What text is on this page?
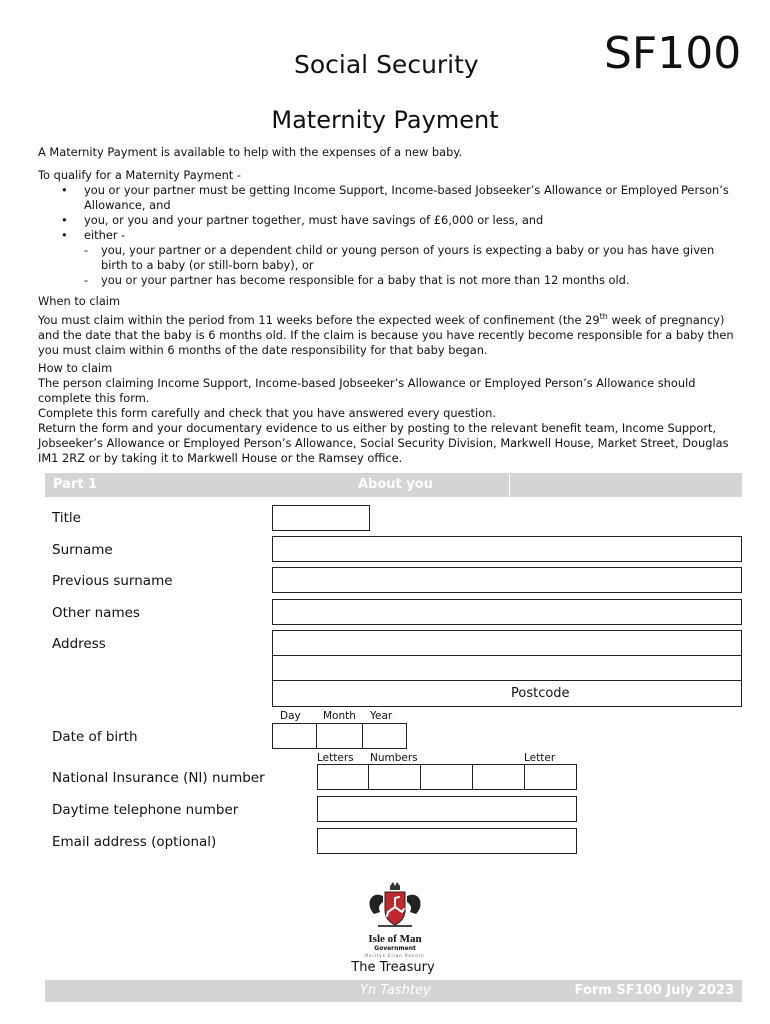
Social Security	SF100
Maternity Payment
A Maternity Payment is available to help with the expenses of a new baby.
To qualify for a Maternity Payment -
• you or your partner must be getting Income Support, Income-based Jobseeker’s Allowance or Employed Person’s Allowance, and
• you, or you and your partner together, must have savings of £6,000 or less, and
• either -
- you, your partner or a dependent child or young person of yours is expecting a baby or you has have given birth to a baby (or still-born baby), or
- you or your partner has become responsible for a baby that is not more than 12 months old.
When to claim
You must claim within the period from 11 weeks before the expected week of confinement (the 29th week of pregnancy) and the date that the baby is 6 months old. If the claim is because you have recently become responsible for a baby then you must claim within 6 months of the date responsibility for that baby began.
How to claim
The person claiming Income Support, Income-based Jobseeker’s Allowance or Employed Person’s Allowance should complete this form.
Complete this form carefully and check that you have answered every question.
Return the form and your documentary evidence to us either by posting to the relevant benefit team, Income Support, Jobseeker’s Allowance or Employed Person’s Allowance, Social Security Division, Markwell House, Market Street, Douglas IM1 2RZ or by taking it to Markwell House or the Ramsey office.
Part 1	About you
Title
Surname
Previous surname
Other names
Address
Postcode
Day Month Year
Date of birth
Letters Numbers	Letter
National Insurance (NI) number
Daytime telephone number
Email address (optional)
Isle of Man
Government
Reiltys Ellan Vannin
The Treasury
Yn Tashtey	Form SF100 July 2023
